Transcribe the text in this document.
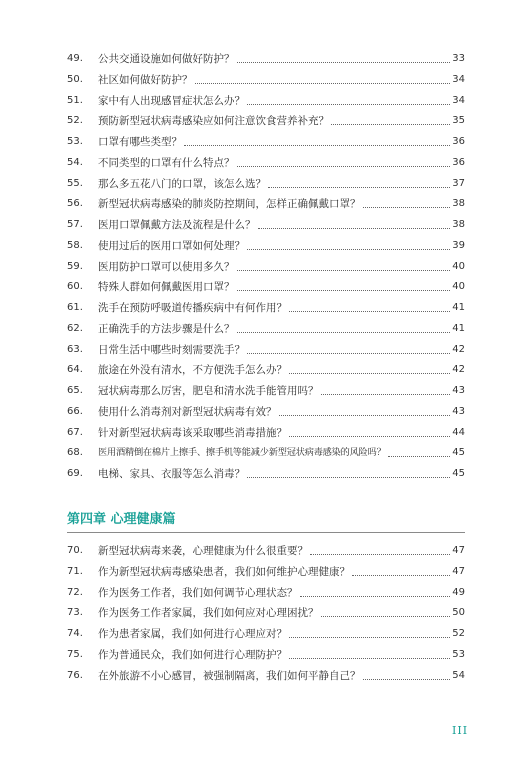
49.	公共交通设施如何做好防护？	33
50.	社区如何做好防护？	34
51.	家中有人出现感冒症状怎么办？	34
52.	预防新型冠状病毒感染应如何注意饮食营养补充？	35
53.	口罩有哪些类型？	36
54.	不同类型的口罩有什么特点？	36
55.	那么多五花八门的口罩，该怎么选？	37
56.	新型冠状病毒感染的肺炎防控期间，怎样正确佩戴口罩？	38
57.	医用口罩佩戴方法及流程是什么？	38
58.	使用过后的医用口罩如何处理？	39
59.	医用防护口罩可以使用多久？	40
60.	特殊人群如何佩戴医用口罩？	40
61.	洗手在预防呼吸道传播疾病中有何作用？	41
62.	正确洗手的方法步骤是什么？	41
63.	日常生活中哪些时刻需要洗手？	42
64.	旅途在外没有清水，不方便洗手怎么办？	42
65.	冠状病毒那么厉害，肥皂和清水洗手能管用吗？	43
66.	使用什么消毒剂对新型冠状病毒有效？	43
67.	针对新型冠状病毒该采取哪些消毒措施？	44
68.	医用酒精倒在棉片上擦手、擦手机等能减少新型冠状病毒感染的风险吗？	45
69.	电梯、家具、衣服等怎么消毒？	45
第四章 心理健康篇
70.	新型冠状病毒来袭，心理健康为什么很重要？	47
71.	作为新型冠状病毒感染患者，我们如何维护心理健康？	47
72.	作为医务工作者，我们如何调节心理状态？	49
73.	作为医务工作者家属，我们如何应对心理困扰？	50
74.	作为患者家属，我们如何进行心理应对？	52
75.	作为普通民众，我们如何进行心理防护？	53
76.	在外旅游不小心感冒，被强制隔离，我们如何平静自己？	54
III
